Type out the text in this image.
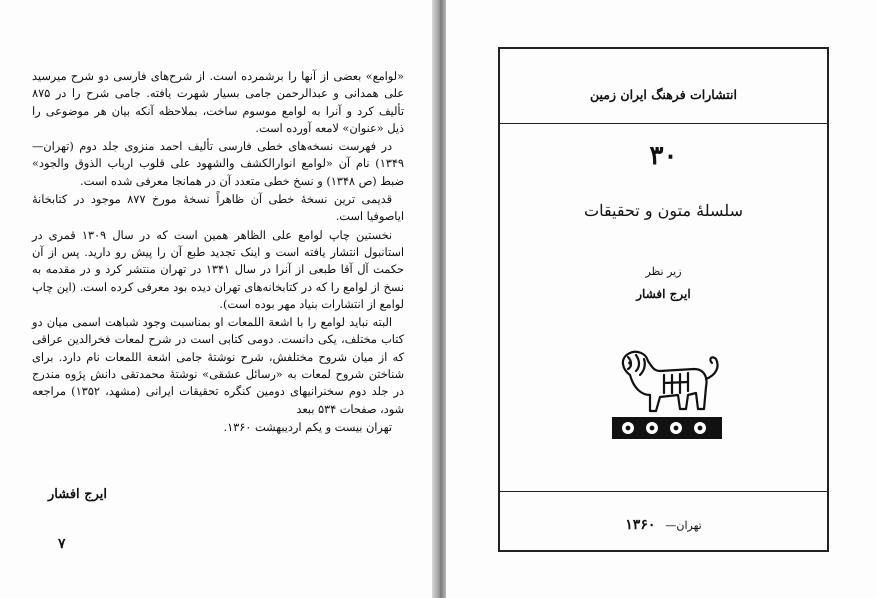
«لوامع» بعضی از آنها را برشمرده است. از شرح‌های فارسی دو شرح میرسید علی همدانی و عبدالرحمن جامی بسیار شهرت یافته. جامی شرح را در ۸۷۵ تألیف کرد و آنرا به لوامع موسوم ساخت، بملاحظه آنکه بیان هر موضوعی را ذیل «عنوان» لامعه آورده است.

در فهرست نسخه‌های خطی فارسی تألیف احمد منزوی جلد دوم (تهران—۱۳۴۹) نام آن «لوامع انوارالکشف والشهود علی قلوب ارباب الذوق والجود» ضبط (ص ۱۳۴۸) و نسخ خطی متعدد آن در همانجا معرفی شده است.

قدیمی ترین نسخهٔ خطی آن ظاهراً نسخهٔ مورخ ۸۷۷ موجود در کتابخانهٔ ایاصوفیا است.

نخستین چاپ لوامع علی الظاهر همین است که در سال ۱۳۰۹ قمری در استانبول انتشار یافته است و اینک تجدید طبع آن را پیش رو دارید. پس از آن حکمت آل آقا طبعی از آنرا در سال ۱۳۴۱ در تهران منتشر کرد و در مقدمه به نسخ از لوامع را که در کتابخانه‌های تهران دیده بود معرفی کرده است. (این چاپ لوامع از انتشارات بنیاد مهر بوده است).

البته نباید لوامع را با اشعة اللمعات او بمناسبت وجود شباهت اسمی میان دو کتاب مختلف، یکی دانست. دومی کتابی است در شرح لمعات فخرالدین عراقی که از میان شروح مختلفش، شرح نوشتهٔ جامی اشعة اللمعات نام دارد. برای شناختن شروح لمعات به «رسائل عشقی» نوشتهٔ محمدتقی دانش پژوه مندرج در جلد دوم سخنرانیهای دومین کنگره تحقیقات ایرانی (مشهد، ۱۳۵۲) مراجعه شود، صفحات ۵۳۴ ببعد

تهران بیست و یکم اردیبهشت ۱۳۶۰.

ایرج افشار
۷
انتشارات فرهنگ ایران زمین
۳۰
سلسلهٔ متون و تحقیقات
زیر نظر
ایرج افشار
۱۳۶۰ تهران—
